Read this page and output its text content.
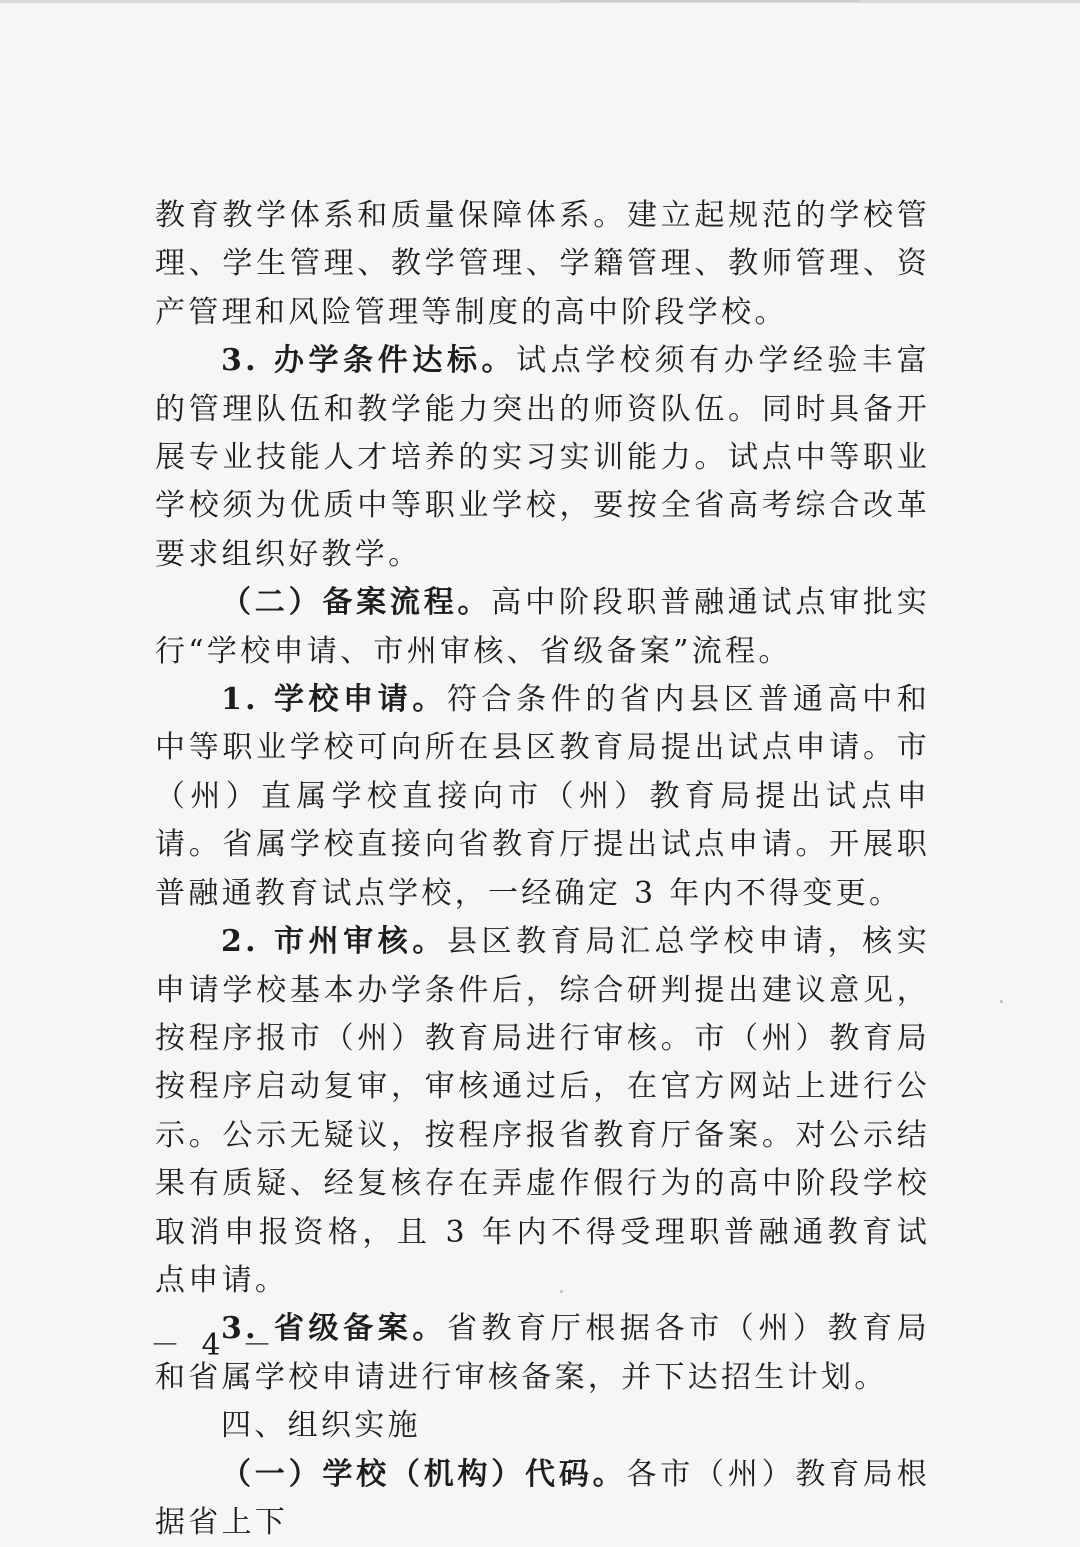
教育教学体系和质量保障体系。建立起规范的学校管理、学生管理、教学管理、学籍管理、教师管理、资产管理和风险管理等制度的高中阶段学校。

3. 办学条件达标。试点学校须有办学经验丰富的管理队伍和教学能力突出的师资队伍。同时具备开展专业技能人才培养的实习实训能力。试点中等职业学校须为优质中等职业学校，要按全省高考综合改革要求组织好教学。

（二）备案流程。高中阶段职普融通试点审批实行“学校申请、市州审核、省级备案”流程。

1. 学校申请。符合条件的省内县区普通高中和中等职业学校可向所在县区教育局提出试点申请。市（州）直属学校直接向市（州）教育局提出试点申请。省属学校直接向省教育厅提出试点申请。开展职普融通教育试点学校，一经确定 3 年内不得变更。

2. 市州审核。县区教育局汇总学校申请，核实申请学校基本办学条件后，综合研判提出建议意见，按程序报市（州）教育局进行审核。市（州）教育局按程序启动复审，审核通过后，在官方网站上进行公示。公示无疑议，按程序报省教育厅备案。对公示结果有质疑、经复核存在弄虚作假行为的高中阶段学校取消申报资格，且 3 年内不得受理职普融通教育试点申请。

3. 省级备案。省教育厅根据各市（州）教育局和省属学校申请进行审核备案，并下达招生计划。

四、组织实施

（一）学校（机构）代码。各市（州）教育局根据省上下

－ 4 －
